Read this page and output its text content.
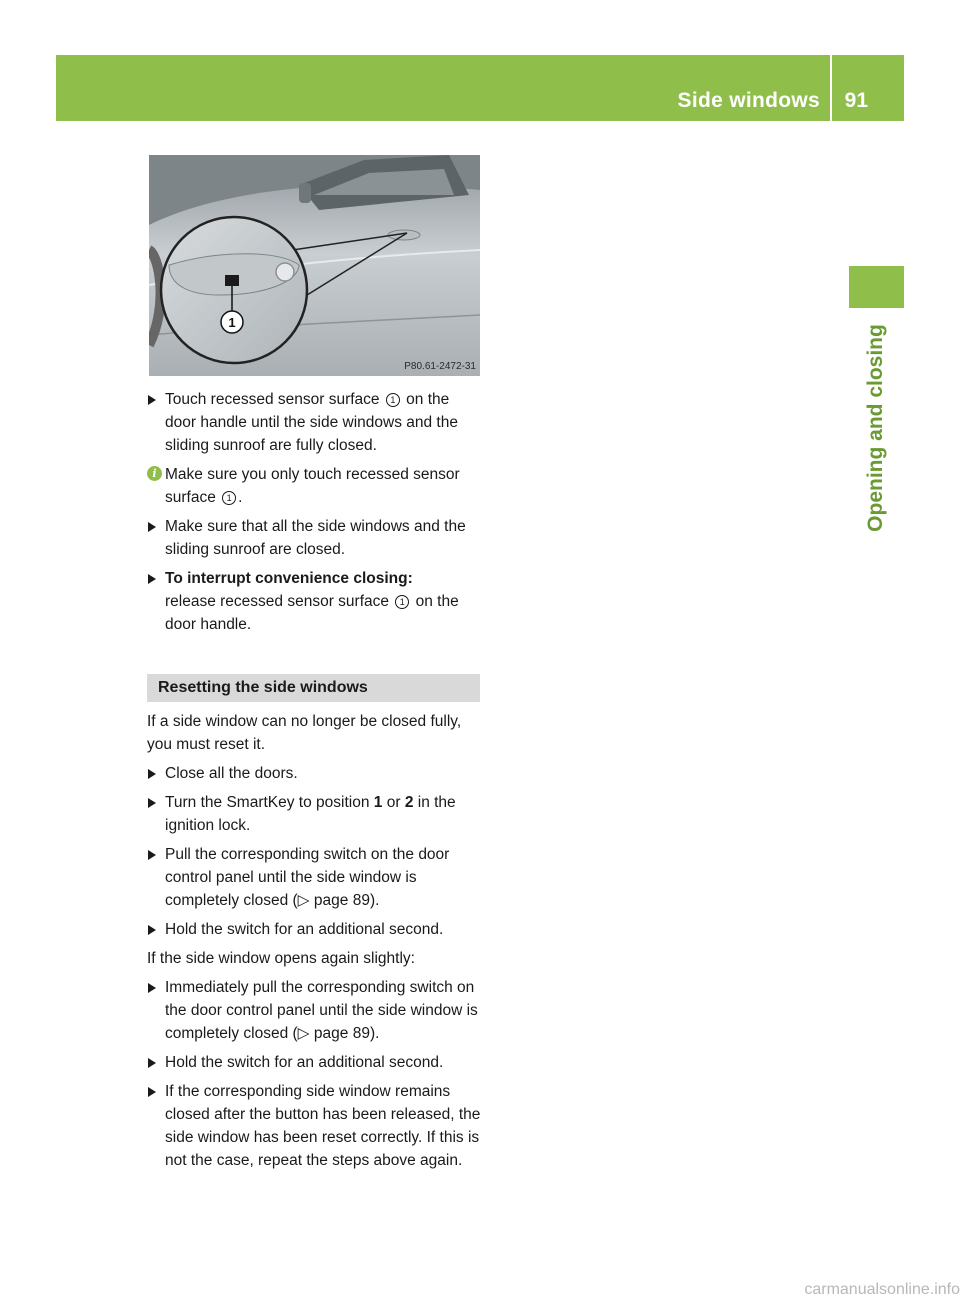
Side windows 91
Opening and closing
1
P80.61-2472-31
Touch recessed sensor surface 1 on the door handle until the side windows and the sliding sunroof are fully closed.
i Make sure you only touch recessed sensor surface 1 .
Make sure that all the side windows and the sliding sunroof are closed.
To interrupt convenience closing:
release recessed sensor surface 1 on the door handle.
Resetting the side windows
If a side window can no longer be closed fully, you must reset it.
Close all the doors.
Turn the SmartKey to position 1 or 2 in the ignition lock.
Pull the corresponding switch on the door control panel until the side window is completely closed (▷ page 89).
Hold the switch for an additional second.
If the side window opens again slightly:
Immediately pull the corresponding switch on the door control panel until the side window is completely closed (▷ page 89).
Hold the switch for an additional second.
If the corresponding side window remains closed after the button has been released, the side window has been reset correctly. If this is not the case, repeat the steps above again.
carmanualsonline.info
